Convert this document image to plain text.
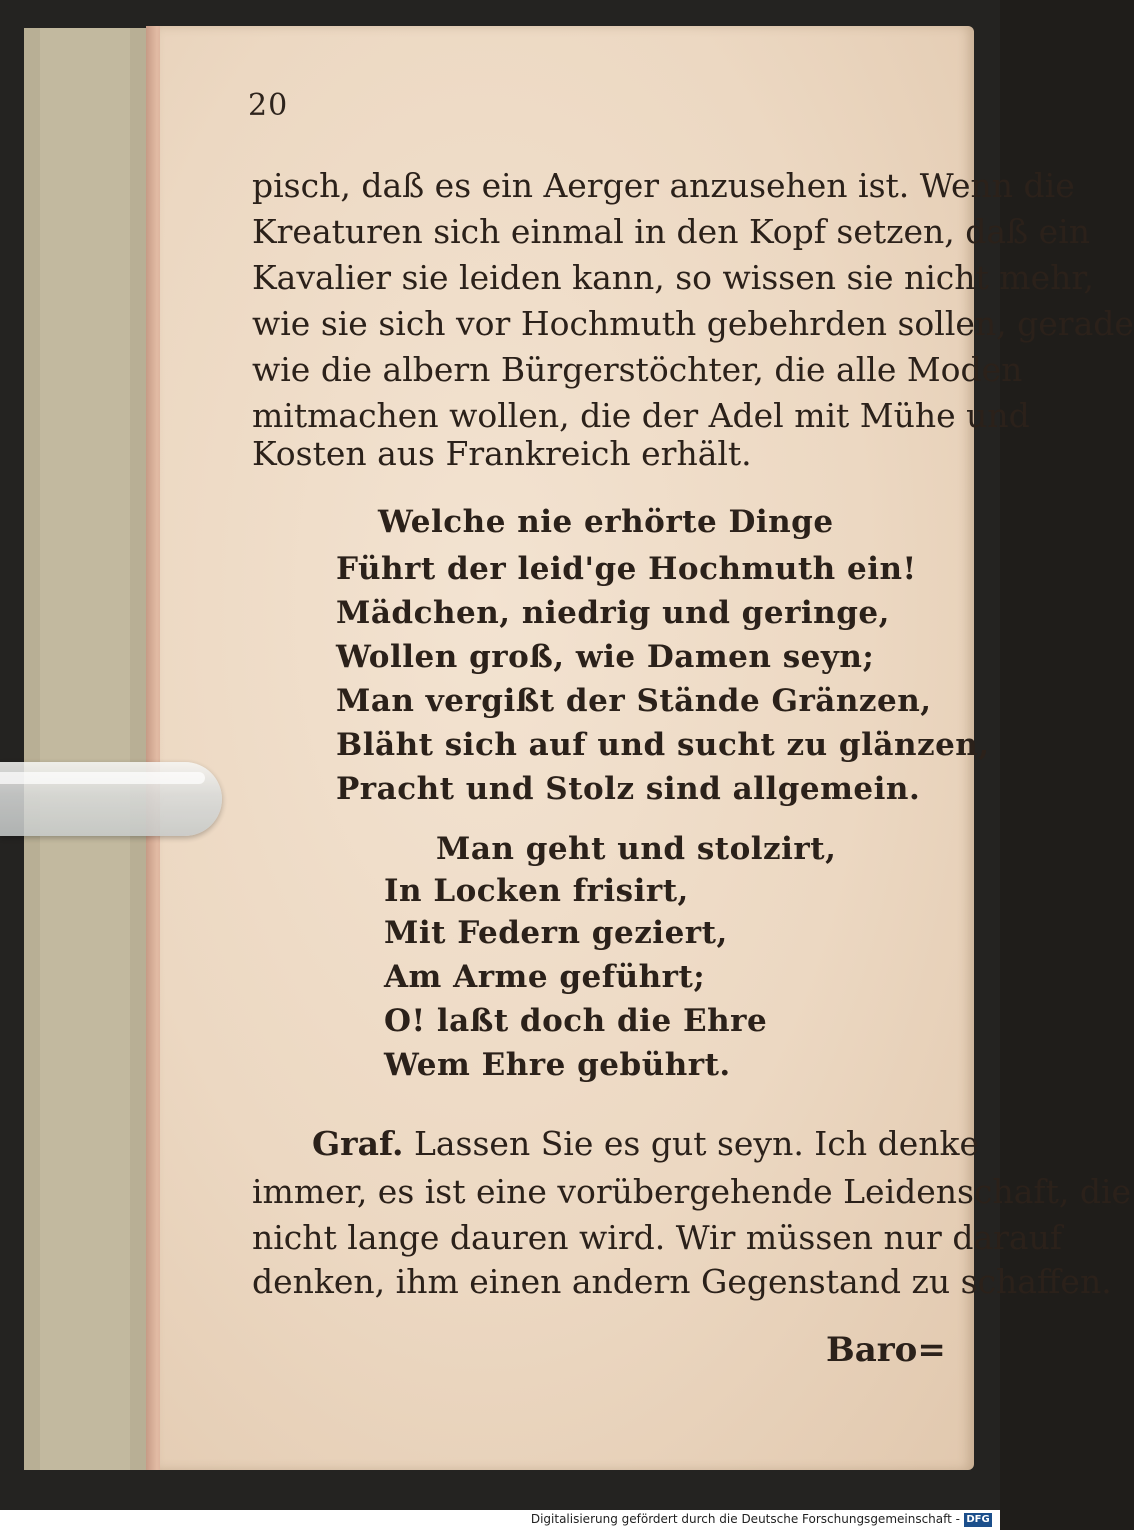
20
pisch, daß es ein Aerger anzusehen ist. Wenn die
Kreaturen sich einmal in den Kopf setzen, daß ein
Kavalier sie leiden kann, so wissen sie nicht mehr,
wie sie sich vor Hochmuth gebehrden sollen, gerade
wie die albern Bürgerstöchter, die alle Moden
mitmachen wollen, die der Adel mit Mühe und
Kosten aus Frankreich erhält.
Welche nie erhörte Dinge
Führt der leid'ge Hochmuth ein!
Mädchen, niedrig und geringe,
Wollen groß, wie Damen seyn;
Man vergißt der Stände Gränzen,
Bläht sich auf und sucht zu glänzen,
Pracht und Stolz sind allgemein.
Man geht und stolzirt,
In Locken frisirt,
Mit Federn geziert,
Am Arme geführt;
O! laßt doch die Ehre
Wem Ehre gebührt.
Graf. Lassen Sie es gut seyn. Ich denke
immer, es ist eine vorübergehende Leidenschaft, die
nicht lange dauren wird. Wir müssen nur darauf
denken, ihm einen andern Gegenstand zu schaffen.
Baro=
Digitalisierung gefördert durch die Deutsche Forschungsgemeinschaft - DFG
